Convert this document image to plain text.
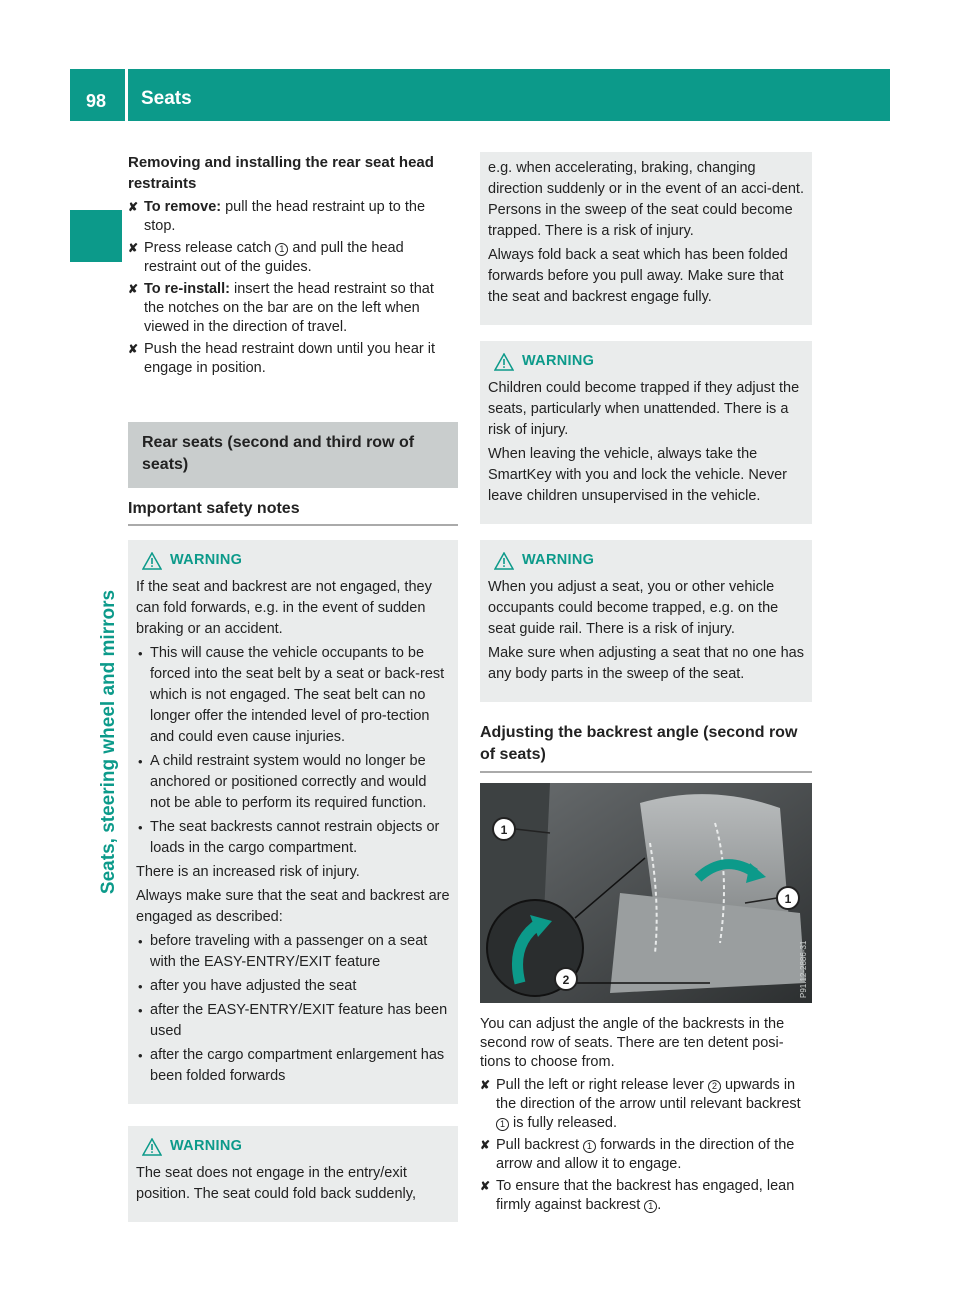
98 Seats
Seats, steering wheel and mirrors
Removing and installing the rear seat head restraints
✘ To remove: pull the head restraint up to the stop.
✘ Press release catch 1 and pull the head restraint out of the guides.
✘ To re-install: insert the head restraint so that the notches on the bar are on the left when viewed in the direction of travel.
✘ Push the head restraint down until you hear it engage in position.
Rear seats (second and third row of seats)
Important safety notes
WARNING

If the seat and backrest are not engaged, they can fold forwards, e.g. in the event of sudden braking or an accident.

• This will cause the vehicle occupants to be forced into the seat belt by a seat or back-rest which is not engaged. The seat belt can no longer offer the intended level of pro-tection and could even cause injuries.
• A child restraint system would no longer be anchored or positioned correctly and would not be able to perform its required function.
• The seat backrests cannot restrain objects or loads in the cargo compartment.

There is an increased risk of injury.

Always make sure that the seat and backrest are engaged as described:

• before traveling with a passenger on a seat with the EASY-ENTRY/EXIT feature
• after you have adjusted the seat
• after the EASY-ENTRY/EXIT feature has been used
• after the cargo compartment enlargement has been folded forwards
WARNING

The seat does not engage in the entry/exit position. The seat could fold back suddenly,

e.g. when accelerating, braking, changing direction suddenly or in the event of an acci-dent. Persons in the sweep of the seat could become trapped. There is a risk of injury.

Always fold back a seat which has been folded forwards before you pull away. Make sure that the seat and backrest engage fully.

WARNING

Children could become trapped if they adjust the seats, particularly when unattended. There is a risk of injury.

When leaving the vehicle, always take the SmartKey with you and lock the vehicle. Never leave children unsupervised in the vehicle.

WARNING

When you adjust a seat, you or other vehicle occupants could become trapped, e.g. on the seat guide rail. There is a risk of injury.

Make sure when adjusting a seat that no one has any body parts in the sweep of the seat.

Adjusting the backrest angle (second row of seats)
1
1
2	P91.12-2886-31

You can adjust the angle of the backrests in the second row of seats. There are ten detent posi-tions to choose from.

✘ Pull the left or right release lever 2 upwards in the direction of the arrow until relevant backrest 1 is fully released.
✘ Pull backrest 1 forwards in the direction of the arrow and allow it to engage.
✘ To ensure that the backrest has engaged, lean firmly against backrest 1 .
